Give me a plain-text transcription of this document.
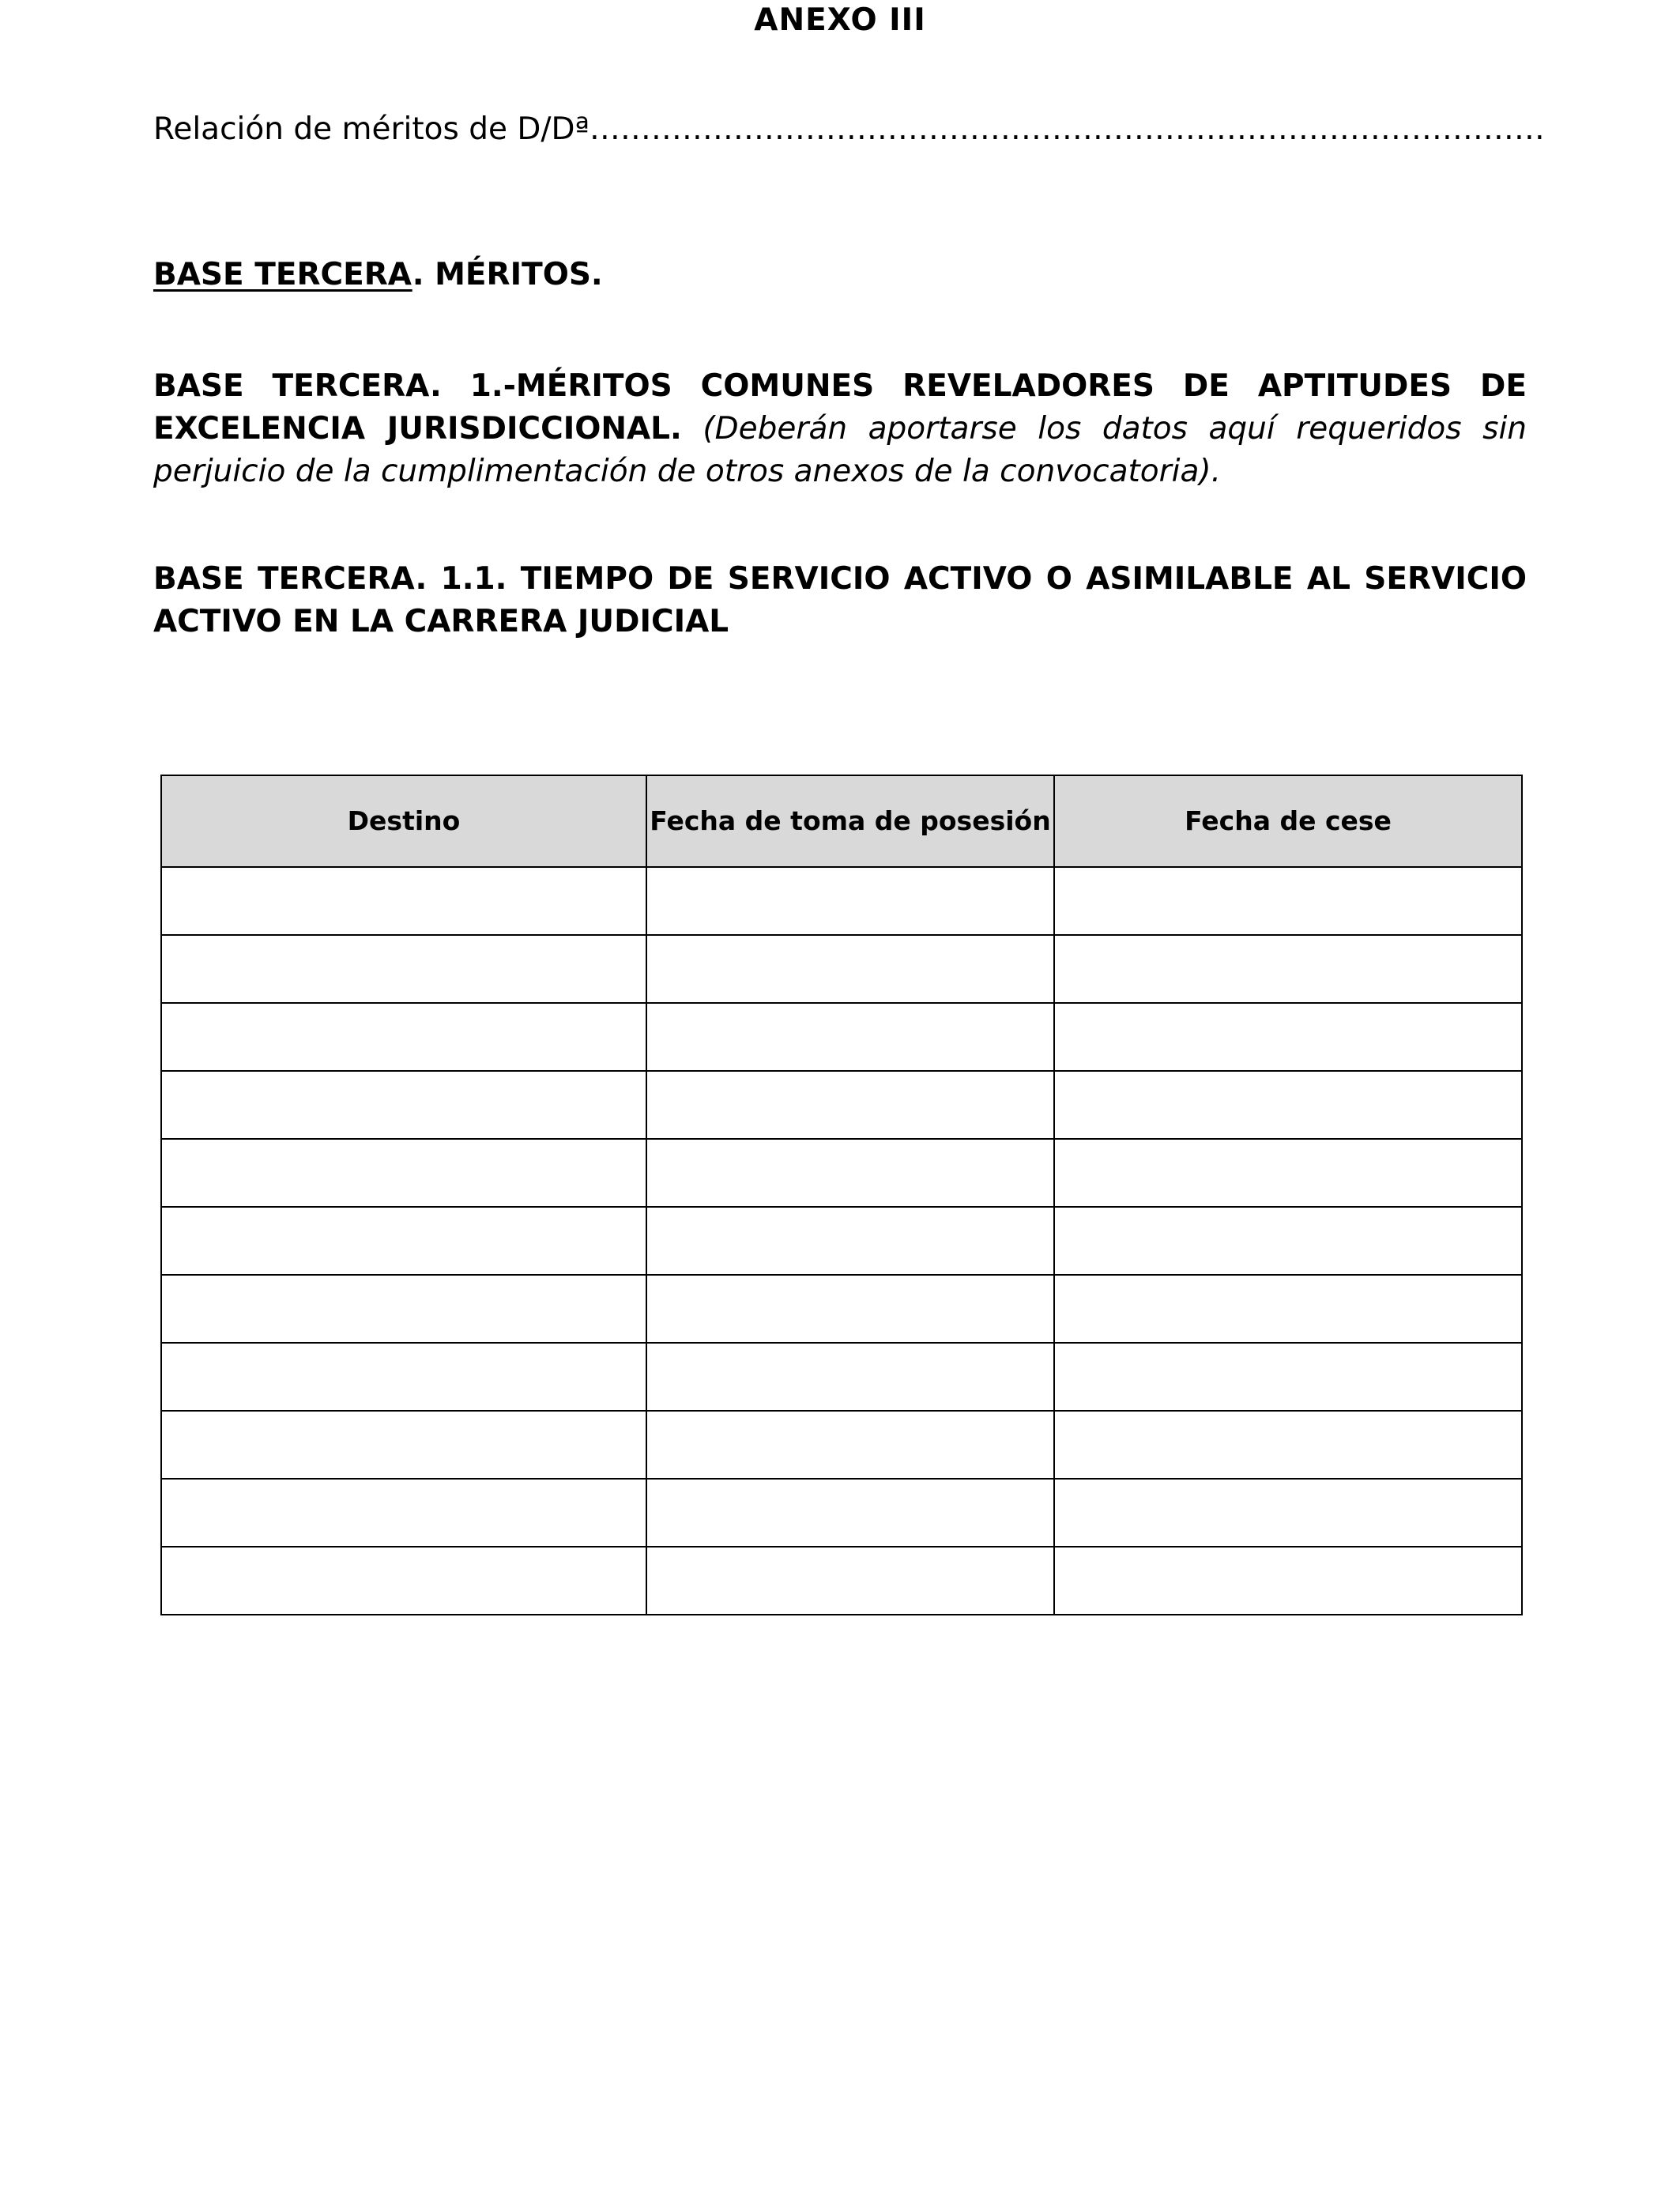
ANEXO III
Relación de méritos de D/Dª…………………………………………………………………………………
BASE TERCERA. MÉRITOS.
BASE TERCERA. 1.-MÉRITOS COMUNES REVELADORES DE APTITUDES DE EXCELENCIA JURISDICCIONAL. (Deberán aportarse los datos aquí requeridos sin perjuicio de la cumplimentación de otros anexos de la convocatoria).
BASE TERCERA. 1.1. TIEMPO DE SERVICIO ACTIVO O ASIMILABLE AL SERVICIO ACTIVO EN LA CARRERA JUDICIAL
Destino	Fecha de toma de posesión	Fecha de cese
